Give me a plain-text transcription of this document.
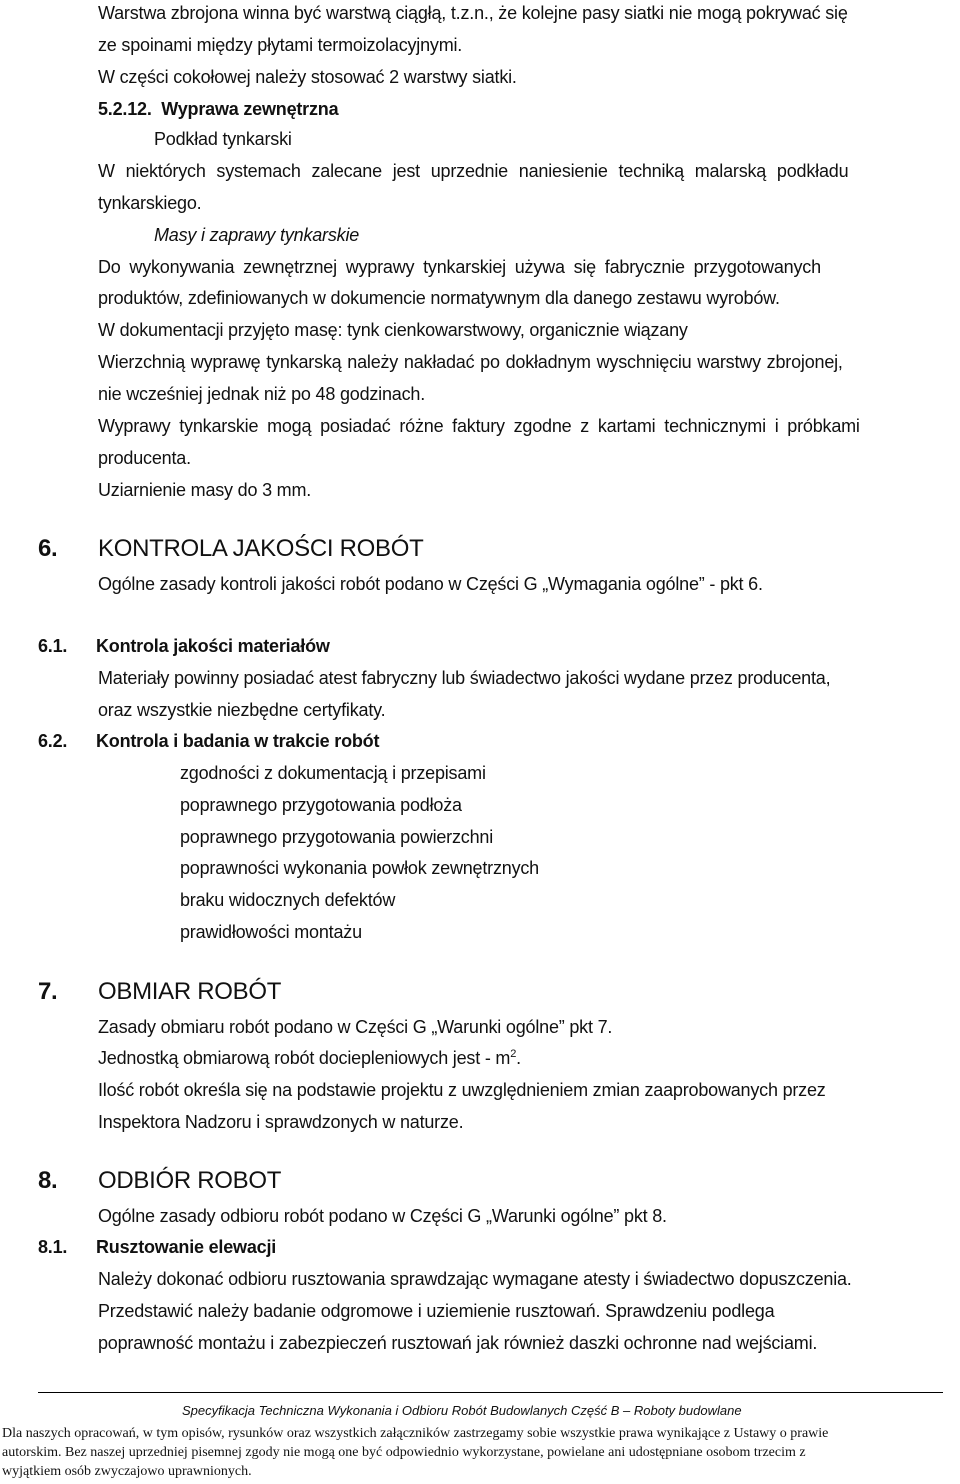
Warstwa zbrojona winna być warstwą ciągłą, t.z.n., że kolejne pasy siatki nie mogą pokrywać się
ze spoinami między płytami termoizolacyjnymi.
W części cokołowej należy stosować 2 warstwy siatki.
5.2.12. Wyprawa zewnętrzna
Podkład tynkarski
W niektórych systemach zalecane jest uprzednie naniesienie techniką malarską podkładu
tynkarskiego.
Masy i zaprawy tynkarskie
Do wykonywania zewnętrznej wyprawy tynkarskiej używa się fabrycznie przygotowanych
produktów, zdefiniowanych w dokumencie normatywnym dla danego zestawu wyrobów.
W dokumentacji przyjęto masę: tynk cienkowarstwowy, organicznie wiązany
Wierzchnią wyprawę tynkarską należy nakładać po dokładnym wyschnięciu warstwy zbrojonej,
nie wcześniej jednak niż po 48 godzinach.
Wyprawy tynkarskie mogą posiadać różne faktury zgodne z kartami technicznymi i próbkami
producenta.
Uziarnienie masy do 3 mm.
6. KONTROLA JAKOŚCI ROBÓT
Ogólne zasady kontroli jakości robót podano w Części G „Wymagania ogólne” - pkt 6.
6.1. Kontrola jakości materiałów
Materiały powinny posiadać atest fabryczny lub świadectwo jakości wydane przez producenta,
oraz wszystkie niezbędne certyfikaty.
6.2. Kontrola i badania w trakcie robót
zgodności z dokumentacją i przepisami
poprawnego przygotowania podłoża
poprawnego przygotowania powierzchni
poprawności wykonania powłok zewnętrznych
braku widocznych defektów
prawidłowości montażu
7. OBMIAR ROBÓT
Zasady obmiaru robót podano w Części G „Warunki ogólne” pkt 7.
Jednostką obmiarową robót dociepleniowych jest - $m^2$.
Ilość robót określa się na podstawie projektu z uwzględnieniem zmian zaaprobowanych przez
Inspektora Nadzoru i sprawdzonych w naturze.
8. ODBIÓR ROBOT
Ogólne zasady odbioru robót podano w Części G „Warunki ogólne” pkt 8.
8.1. Rusztowanie elewacji
Należy dokonać odbioru rusztowania sprawdzając wymagane atesty i świadectwo dopuszczenia.
Przedstawić należy badanie odgromowe i uziemienie rusztowań. Sprawdzeniu podlega
poprawność montażu i zabezpieczeń rusztowań jak również daszki ochronne nad wejściami.
Specyfikacja Techniczna Wykonania i Odbioru Robót Budowlanych Część B – Roboty budowlane
Dla naszych opracowań, w tym opisów, rysunków oraz wszystkich załączników zastrzegamy sobie wszystkie prawa wynikające z Ustawy o prawie
autorskim. Bez naszej uprzedniej pisemnej zgody nie mogą one być odpowiednio wykorzystane, powielane ani udostępniane osobom trzecim z
wyjątkiem osób zwyczajowo uprawnionych.
